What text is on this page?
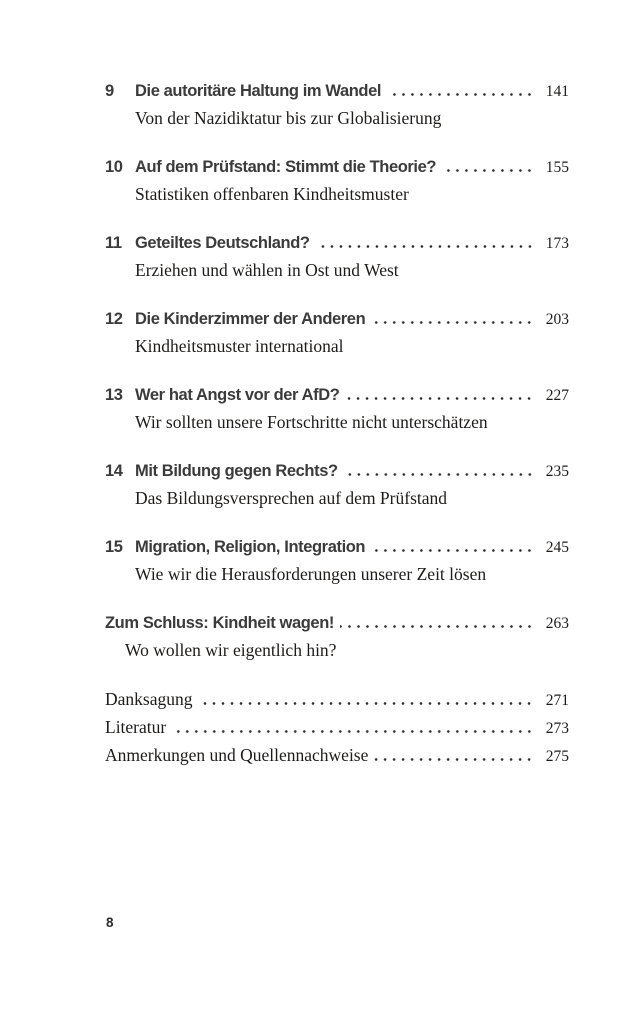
9	Die autoritäre Haltung im Wandel	141
Von der Nazidiktatur bis zur Globalisierung
10 Auf dem Prüfstand: Stimmt die Theorie?	155
Statistiken offenbaren Kindheitsmuster
11 Geteiltes Deutschland?	173
Erziehen und wählen in Ost und West
12 Die Kinderzimmer der Anderen	203
Kindheitsmuster international
13 Wer hat Angst vor der AfD?	227
Wir sollten unsere Fortschritte nicht unterschätzen
14 Mit Bildung gegen Rechts?	235
Das Bildungsversprechen auf dem Prüfstand
15 Migration, Religion, Integration	245
Wie wir die Herausforderungen unserer Zeit lösen
Zum Schluss: Kindheit wagen!	263
Wo wollen wir eigentlich hin?
Danksagung	271
Literatur	273
Anmerkungen und Quellennachweise	275
8
